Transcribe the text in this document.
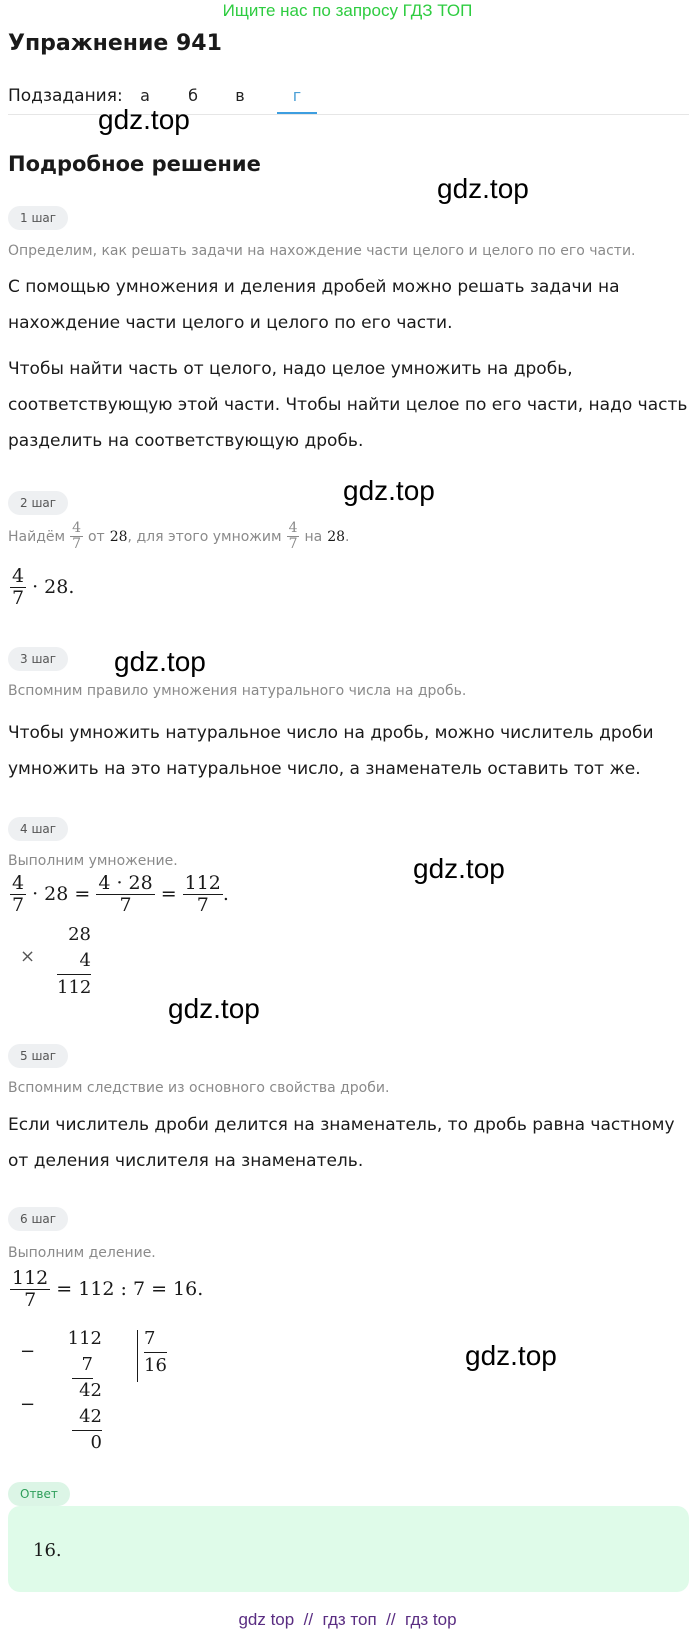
Ищите нас по запросу ГДЗ ТОП
Упражнение 941
Подзадания:	а	б	в	г
gdz.top
gdz.top
gdz.top
gdz.top
gdz.top
gdz.top
gdz.top
Подробное решение
1 шаг
Определим, как решать задачи на нахождение части целого и целого по его части.
С помощью умножения и деления дробей можно решать задачи на нахождение части целого и целого по его части.
Чтобы найти часть от целого, надо целое умножить на дробь, соответствующую этой части. Чтобы найти целое по его части, надо часть разделить на соответствующую дробь.
2 шаг
Найдём $\frac{4}{7}$ от 28 , для этого умножим $\frac{4}{7}$ на 28 .
$\frac{4}{7} \cdot 28$.
3 шаг
Вспомним правило умножения натурального числа на дробь.
Чтобы умножить натуральное число на дробь, можно числитель дроби умножить на это натуральное число, а знаменатель оставить тот же.
4 шаг
Выполним умножение.
$\frac{4}{7} \cdot 28 = \frac{4 \cdot 28}{7} = \frac{112}{7}$ .
×
28
4
112
5 шаг
Вспомним следствие из основного свойства дроби.
Если числитель дроби делится на знаменатель, то дробь равна частному от деления числителя на знаменатель.
6 шаг
Выполним деление.
$\frac{112}{7} = 112$ : 7 = 16.
−
−
112
7
42
42
0
7
16
Ответ
16.
gdz top  //  гдз топ  //  гдз top
